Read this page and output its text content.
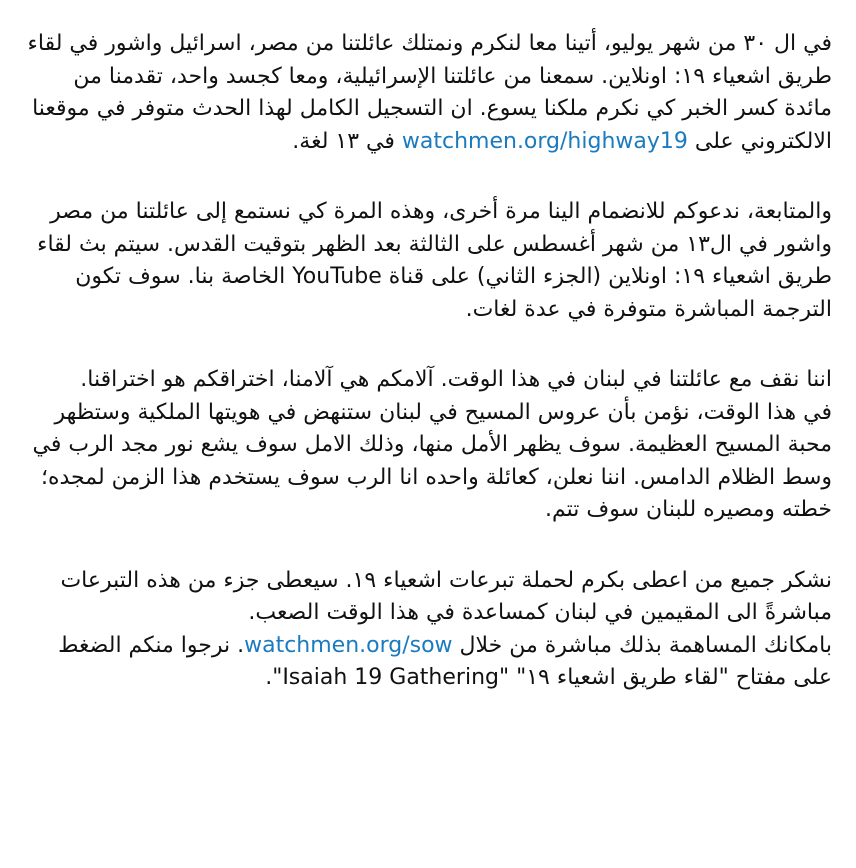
في ال ٣٠ من شهر يوليو، أتينا معا لنكرم ونمتلك عائلتنا من مصر، اسرائيل واشور في لقاء طريق اشعياء ١٩: اونلاين. سمعنا من عائلتنا الإسرائيلية، ومعا كجسد واحد، تقدمنا من مائدة كسر الخبر كي نكرم ملكنا يسوع. ان التسجيل الكامل لهذا الحدث متوفر في موقعنا الالكتروني على watchmen.org/highway19 في ١٣ لغة.

والمتابعة، ندعوكم للانضمام الينا مرة أخرى، وهذه المرة كي نستمع إلى عائلتنا من مصر واشور في ال١٣ من شهر أغسطس على الثالثة بعد الظهر بتوقيت القدس. سيتم بث لقاء طريق اشعياء ١٩: اونلاين (الجزء الثاني) على قناة YouTube الخاصة بنا. سوف تكون الترجمة المباشرة متوفرة في عدة لغات.

اننا نقف مع عائلتنا في لبنان في هذا الوقت. آلامكم هي آلامنا، اختراقكم هو اختراقنا.
في هذا الوقت، نؤمن بأن عروس المسيح في لبنان ستنهض في هويتها الملكية وستظهر محبة المسيح العظيمة. سوف يظهر الأمل منها، وذلك الامل سوف يشع نور مجد الرب في وسط الظلام الدامس. اننا نعلن، كعائلة واحده انا الرب سوف يستخدم هذا الزمن لمجده؛ خطته ومصيره للبنان سوف تتم.

نشكر جميع من اعطى بكرم لحملة تبرعات اشعياء ١٩. سيعطى جزء من هذه التبرعات مباشرةً الى المقيمين في لبنان كمساعدة في هذا الوقت الصعب.
بامكانك المساهمة بذلك مباشرة من خلال watchmen.org/sow. نرجوا منكم الضغط على مفتاح "لقاء طريق اشعياء ١٩" "Isaiah 19 Gathering".
